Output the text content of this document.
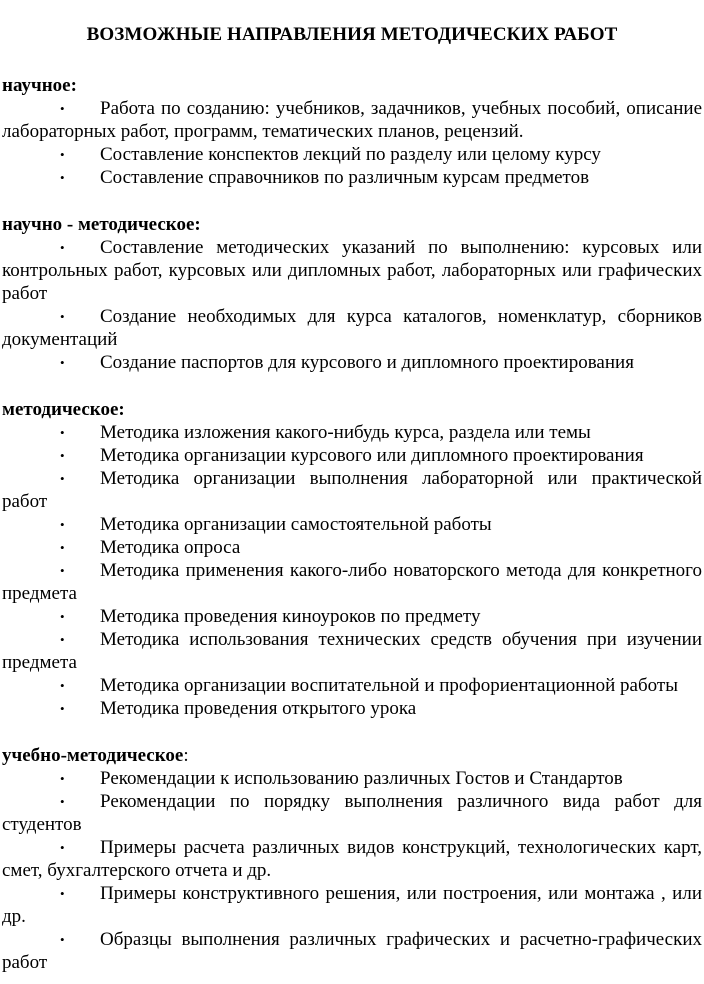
ВОЗМОЖНЫЕ НАПРАВЛЕНИЯ МЕТОДИЧЕСКИХ РАБОТ

научное:

• Работа по созданию: учебников, задачников, учебных пособий, описание лабораторных работ, программ, тематических планов, рецензий.
• Составление конспектов лекций по разделу или целому курсу
• Составление справочников по различным курсам предметов

научно - методическое:

• Составление методических указаний по выполнению: курсовых или контрольных работ, курсовых или дипломных работ, лабораторных или графических работ
• Создание необходимых для курса каталогов, номенклатур, сборников документаций
• Создание паспортов для курсового и дипломного проектирования

методическое:

• Методика изложения какого-нибудь курса, раздела или темы
• Методика организации курсового или дипломного проектирования
• Методика организации выполнения лабораторной или практической работ
• Методика организации самостоятельной работы
• Методика опроса
• Методика применения какого-либо новаторского метода для конкретного предмета
• Методика проведения киноуроков по предмету
• Методика использования технических средств обучения при изучении предмета
• Методика организации воспитательной и профориентационной работы
• Методика проведения открытого урока

учебно-методическое:

• Рекомендации к использованию различных Гостов и Стандартов
• Рекомендации по порядку выполнения различного вида работ для студентов
• Примеры расчета различных видов конструкций, технологических карт, смет, бухгалтерского отчета и др.
• Примеры конструктивного решения, или построения, или монтажа , или др.
• Образцы выполнения различных графических и расчетно-графических работ
